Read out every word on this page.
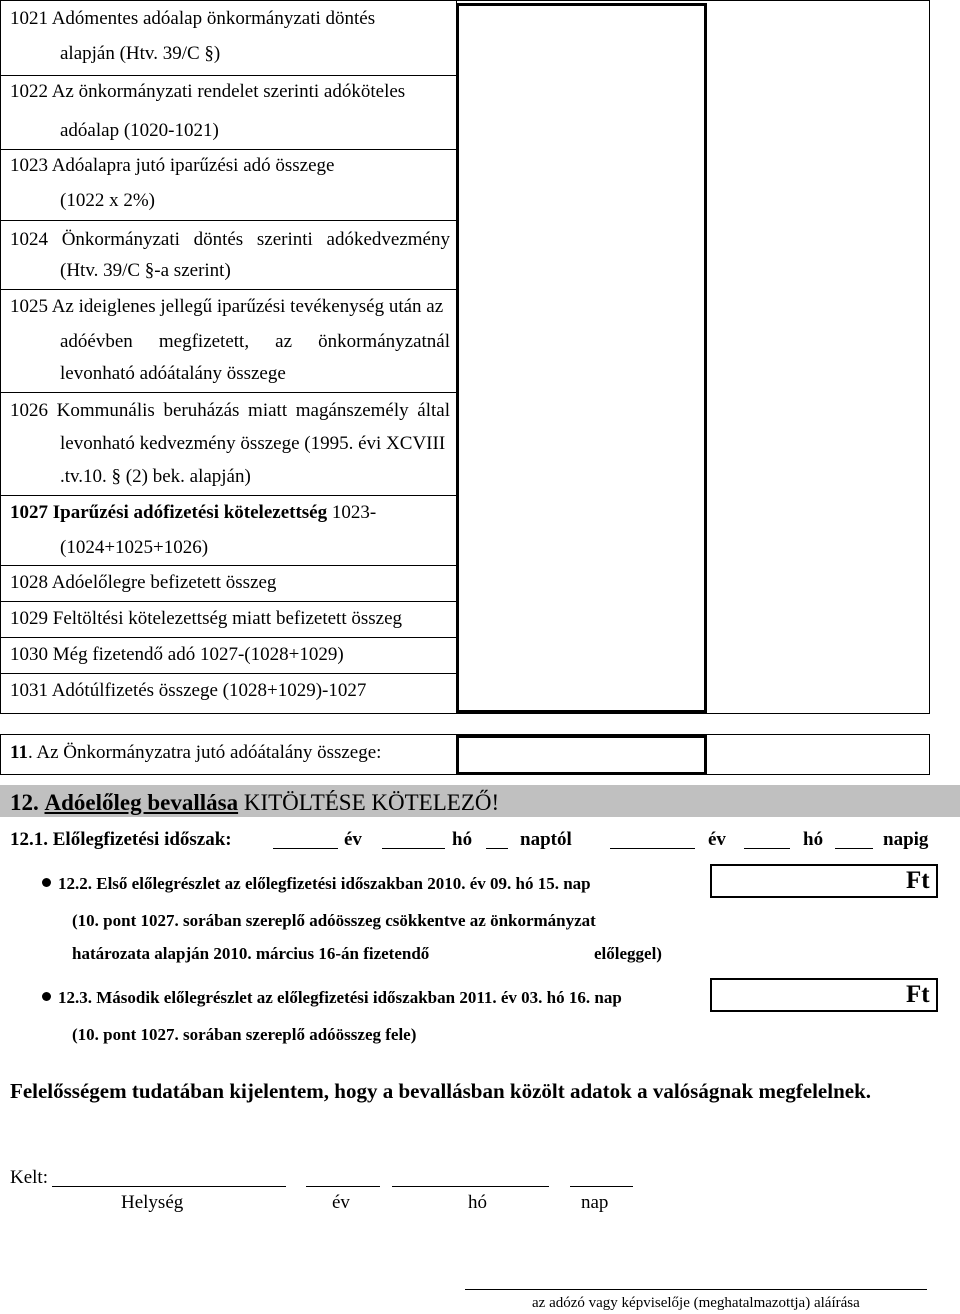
1021 Adómentes adóalap önkormányzati döntés
alapján (Htv. 39/C §)
1022 Az önkormányzati rendelet szerinti adóköteles
adóalap (1020-1021)
1023 Adóalapra jutó iparűzési adó összege
(1022 x 2%)
1024 Önkormányzati döntés szerinti adókedvezmény
(Htv. 39/C §-a szerint)
1025 Az ideiglenes jellegű iparűzési tevékenység után az
adóévben megfizetett, az önkormányzatnál
levonható adóátalány összege
1026 Kommunális beruházás miatt magánszemély által
levonható kedvezmény összege (1995. évi XCVIII
.tv.10. § (2) bek. alapján)
1027 Iparűzési adófizetési kötelezettség 1023-
(1024+1025+1026)
1028 Adóelőlegre befizetett összeg
1029 Feltöltési kötelezettség miatt befizetett összeg
1030 Még fizetendő adó 1027-(1028+1029)
1031 Adótúlfizetés összege (1028+1029)-1027
11. Az Önkormányzatra jutó adóátalány összege:
12. Adóelőleg bevallása KITÖLTÉSE KÖTELEZŐ!
12.1. Előlegfizetési időszak:	év	hó	naptól	év	hó	napig
12.2. Első előlegrészlet az előlegfizetési időszakban 2010. év 09. hó 15. nap
(10. pont 1027. sorában szereplő adóösszeg csökkentve az önkormányzat
határozata alapján 2010. március 16-án fizetendő	előleggel)
Ft
12.3. Második előlegrészlet az előlegfizetési időszakban 2011. év 03. hó 16. nap
(10. pont 1027. sorában szereplő adóösszeg fele)
Ft
Felelősségem tudatában kijelentem, hogy a bevallásban közölt adatok a valóságnak megfelelnek.
Kelt:
Helység	év	hó	nap
az adózó vagy képviselője (meghatalmazottja) aláírása
